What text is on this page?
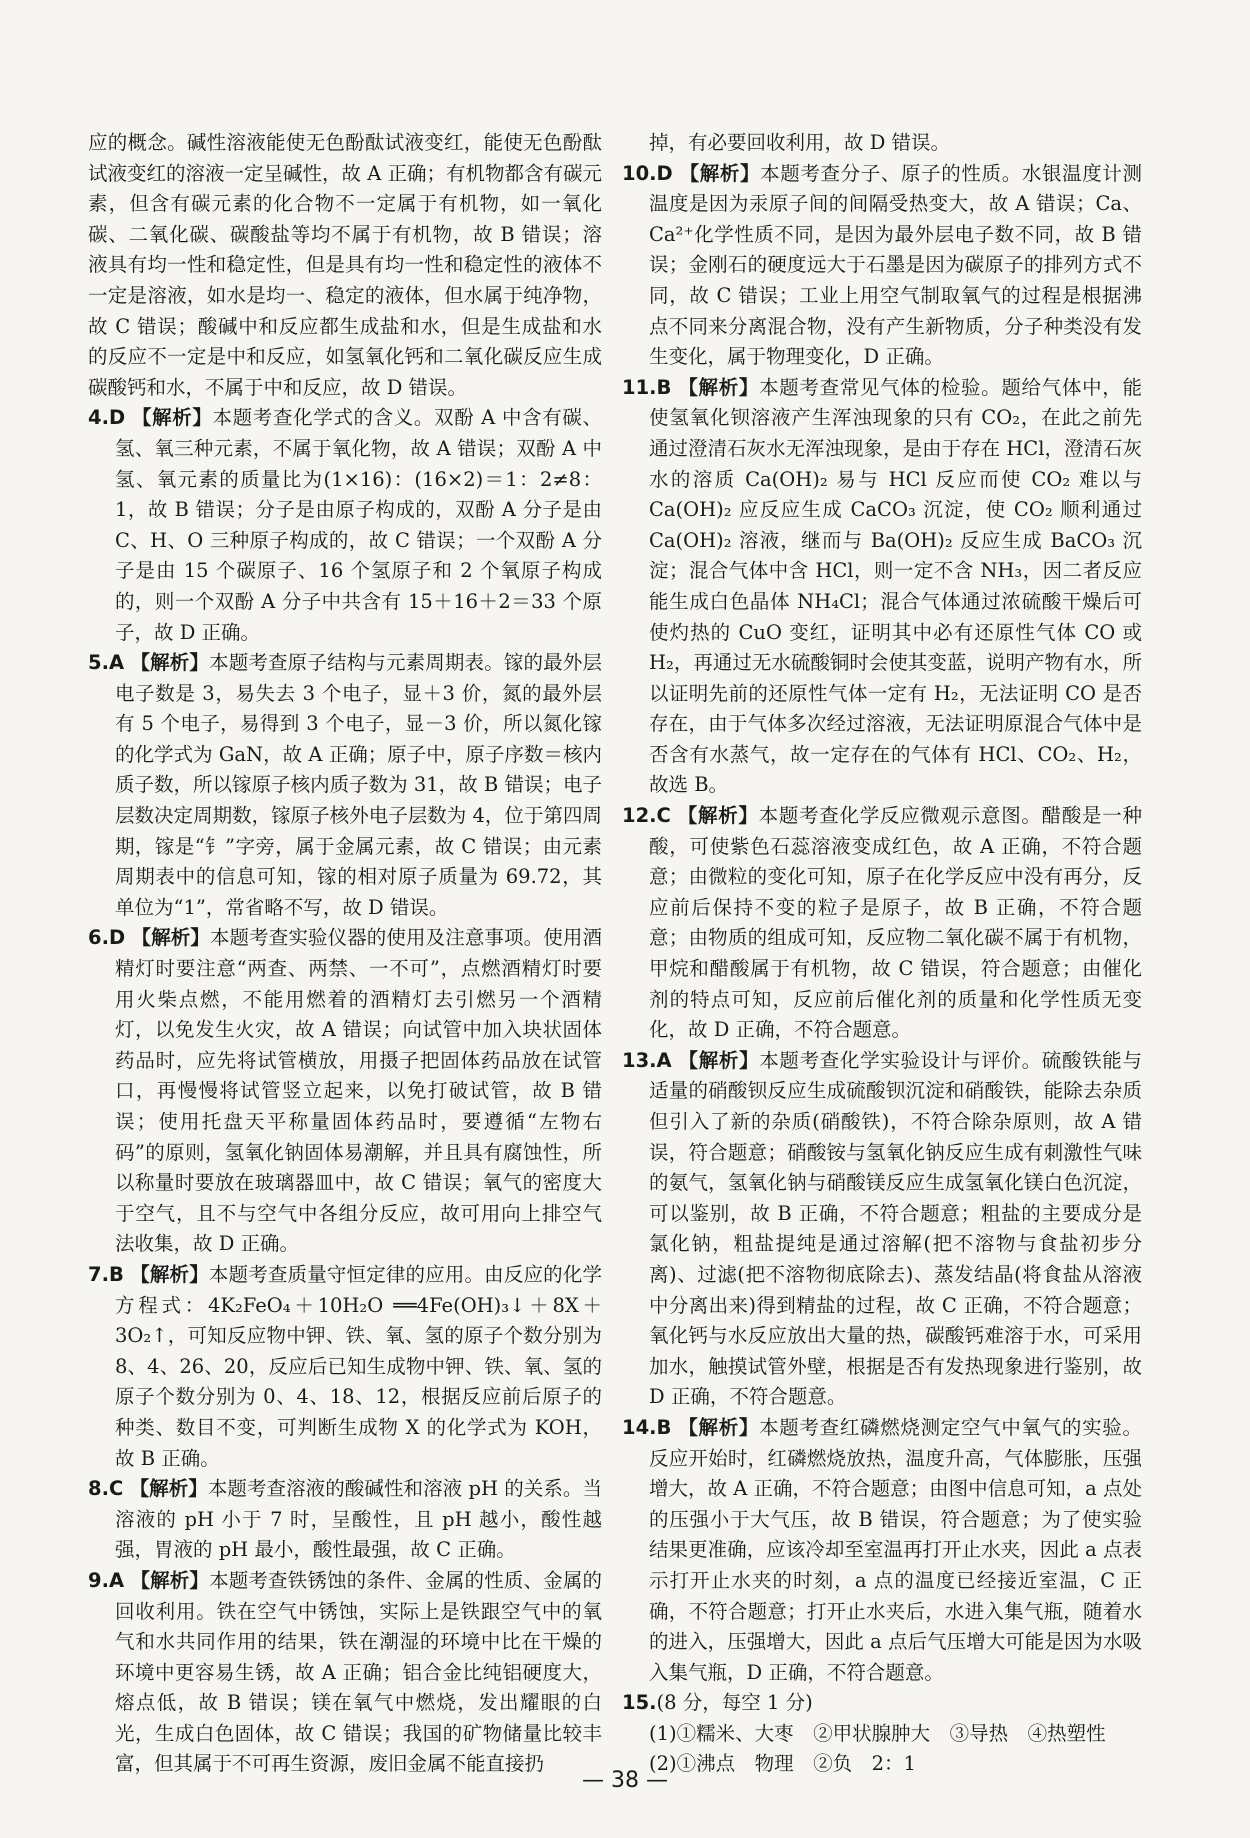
应的概念。碱性溶液能使无色酚酞试液变红，能使无色酚酞试液变红的溶液一定呈碱性，故 A 正确；有机物都含有碳元素，但含有碳元素的化合物不一定属于有机物，如一氧化碳、二氧化碳、碳酸盐等均不属于有机物，故 B 错误；溶液具有均一性和稳定性，但是具有均一性和稳定性的液体不一定是溶液，如水是均一、稳定的液体，但水属于纯净物，故 C 错误；酸碱中和反应都生成盐和水，但是生成盐和水的反应不一定是中和反应，如氢氧化钙和二氧化碳反应生成碳酸钙和水，不属于中和反应，故 D 错误。

4.D 【解析】本题考查化学式的含义。双酚 A 中含有碳、氢、氧三种元素，不属于氧化物，故 A 错误；双酚 A 中氢、氧元素的质量比为(1×16)：(16×2)＝1：2≠8：1，故 B 错误；分子是由原子构成的，双酚 A 分子是由 C、H、O 三种原子构成的，故 C 错误；一个双酚 A 分子是由 15 个碳原子、16 个氢原子和 2 个氧原子构成的，则一个双酚 A 分子中共含有 15＋16＋2＝33 个原子，故 D 正确。

5.A 【解析】本题考查原子结构与元素周期表。镓的最外层电子数是 3，易失去 3 个电子，显＋3 价，氮的最外层有 5 个电子，易得到 3 个电子，显－3 价，所以氮化镓的化学式为 GaN，故 A 正确；原子中，原子序数＝核内质子数，所以镓原子核内质子数为 31，故 B 错误；电子层数决定周期数，镓原子核外电子层数为 4，位于第四周期，镓是“钅”字旁，属于金属元素，故 C 错误；由元素周期表中的信息可知，镓的相对原子质量为 69.72，其单位为“1”，常省略不写，故 D 错误。

6.D 【解析】本题考查实验仪器的使用及注意事项。使用酒精灯时要注意“两查、两禁、一不可”，点燃酒精灯时要用火柴点燃，不能用燃着的酒精灯去引燃另一个酒精灯，以免发生火灾，故 A 错误；向试管中加入块状固体药品时，应先将试管横放，用摄子把固体药品放在试管口，再慢慢将试管竖立起来，以免打破试管，故 B 错误；使用托盘天平称量固体药品时，要遵循“左物右码”的原则，氢氧化钠固体易潮解，并且具有腐蚀性，所以称量时要放在玻璃器皿中，故 C 错误；氧气的密度大于空气，且不与空气中各组分反应，故可用向上排空气法收集，故 D 正确。

7.B 【解析】本题考查质量守恒定律的应用。由反应的化学方程式：4K₂FeO₄＋10H₂O ══4Fe(OH)₃↓＋8X＋3O₂↑，可知反应物中钾、铁、氧、氢的原子个数分别为 8、4、26、20，反应后已知生成物中钾、铁、氧、氢的原子个数分别为 0、4、18、12，根据反应前后原子的种类、数目不变，可判断生成物 X 的化学式为 KOH，故 B 正确。

8.C 【解析】本题考查溶液的酸碱性和溶液 pH 的关系。当溶液的 pH 小于 7 时，呈酸性，且 pH 越小，酸性越强，胃液的 pH 最小，酸性最强，故 C 正确。

9.A 【解析】本题考查铁锈蚀的条件、金属的性质、金属的回收利用。铁在空气中锈蚀，实际上是铁跟空气中的氧气和水共同作用的结果，铁在潮湿的环境中比在干燥的环境中更容易生锈，故 A 正确；铝合金比纯铝硬度大，熔点低，故 B 错误；镁在氧气中燃烧，发出耀眼的白光，生成白色固体，故 C 错误；我国的矿物储量比较丰富，但其属于不可再生资源，废旧金属不能直接扔

掉，有必要回收利用，故 D 错误。

10.D 【解析】本题考查分子、原子的性质。水银温度计测温度是因为汞原子间的间隔受热变大，故 A 错误；Ca、Ca²⁺化学性质不同，是因为最外层电子数不同，故 B 错误；金刚石的硬度远大于石墨是因为碳原子的排列方式不同，故 C 错误；工业上用空气制取氧气的过程是根据沸点不同来分离混合物，没有产生新物质，分子种类没有发生变化，属于物理变化，D 正确。

11.B 【解析】本题考查常见气体的检验。题给气体中，能使氢氧化钡溶液产生浑浊现象的只有 CO₂，在此之前先通过澄清石灰水无浑浊现象，是由于存在 HCl，澄清石灰水的溶质 Ca(OH)₂ 易与 HCl 反应而使 CO₂ 难以与 Ca(OH)₂ 应反应生成 CaCO₃ 沉淀，使 CO₂ 顺利通过 Ca(OH)₂ 溶液，继而与 Ba(OH)₂ 反应生成 BaCO₃ 沉淀；混合气体中含 HCl，则一定不含 NH₃，因二者反应能生成白色晶体 NH₄Cl；混合气体通过浓硫酸干燥后可使灼热的 CuO 变红，证明其中必有还原性气体 CO 或 H₂，再通过无水硫酸铜时会使其变蓝，说明产物有水，所以证明先前的还原性气体一定有 H₂，无法证明 CO 是否存在，由于气体多次经过溶液，无法证明原混合气体中是否含有水蒸气，故一定存在的气体有 HCl、CO₂、H₂，故选 B。

12.C 【解析】本题考查化学反应微观示意图。醋酸是一种酸，可使紫色石蕊溶液变成红色，故 A 正确，不符合题意；由微粒的变化可知，原子在化学反应中没有再分，反应前后保持不变的粒子是原子，故 B 正确，不符合题意；由物质的组成可知，反应物二氧化碳不属于有机物，甲烷和醋酸属于有机物，故 C 错误，符合题意；由催化剂的特点可知，反应前后催化剂的质量和化学性质无变化，故 D 正确，不符合题意。

13.A 【解析】本题考查化学实验设计与评价。硫酸铁能与适量的硝酸钡反应生成硫酸钡沉淀和硝酸铁，能除去杂质但引入了新的杂质(硝酸铁)，不符合除杂原则，故 A 错误，符合题意；硝酸铵与氢氧化钠反应生成有刺激性气味的氨气，氢氧化钠与硝酸镁反应生成氢氧化镁白色沉淀，可以鉴别，故 B 正确，不符合题意；粗盐的主要成分是氯化钠，粗盐提纯是通过溶解(把不溶物与食盐初步分离)、过滤(把不溶物彻底除去)、蒸发结晶(将食盐从溶液中分离出来)得到精盐的过程，故 C 正确，不符合题意；氧化钙与水反应放出大量的热，碳酸钙难溶于水，可采用加水，触摸试管外壁，根据是否有发热现象进行鉴别，故 D 正确，不符合题意。

14.B 【解析】本题考查红磷燃烧测定空气中氧气的实验。反应开始时，红磷燃烧放热，温度升高，气体膨胀，压强增大，故 A 正确，不符合题意；由图中信息可知，a 点处的压强小于大气压，故 B 错误，符合题意；为了使实验结果更准确，应该冷却至室温再打开止水夹，因此 a 点表示打开止水夹的时刻，a 点的温度已经接近室温，C 正确，不符合题意；打开止水夹后，水进入集气瓶，随着水的进入，压强增大，因此 a 点后气压增大可能是因为水吸入集气瓶，D 正确，不符合题意。

15.(8 分，每空 1 分)

(1)①糯米、大枣　②甲状腺肿大　③导热　④热塑性

(2)①沸点　物理　②负　2：1

— 38 —
